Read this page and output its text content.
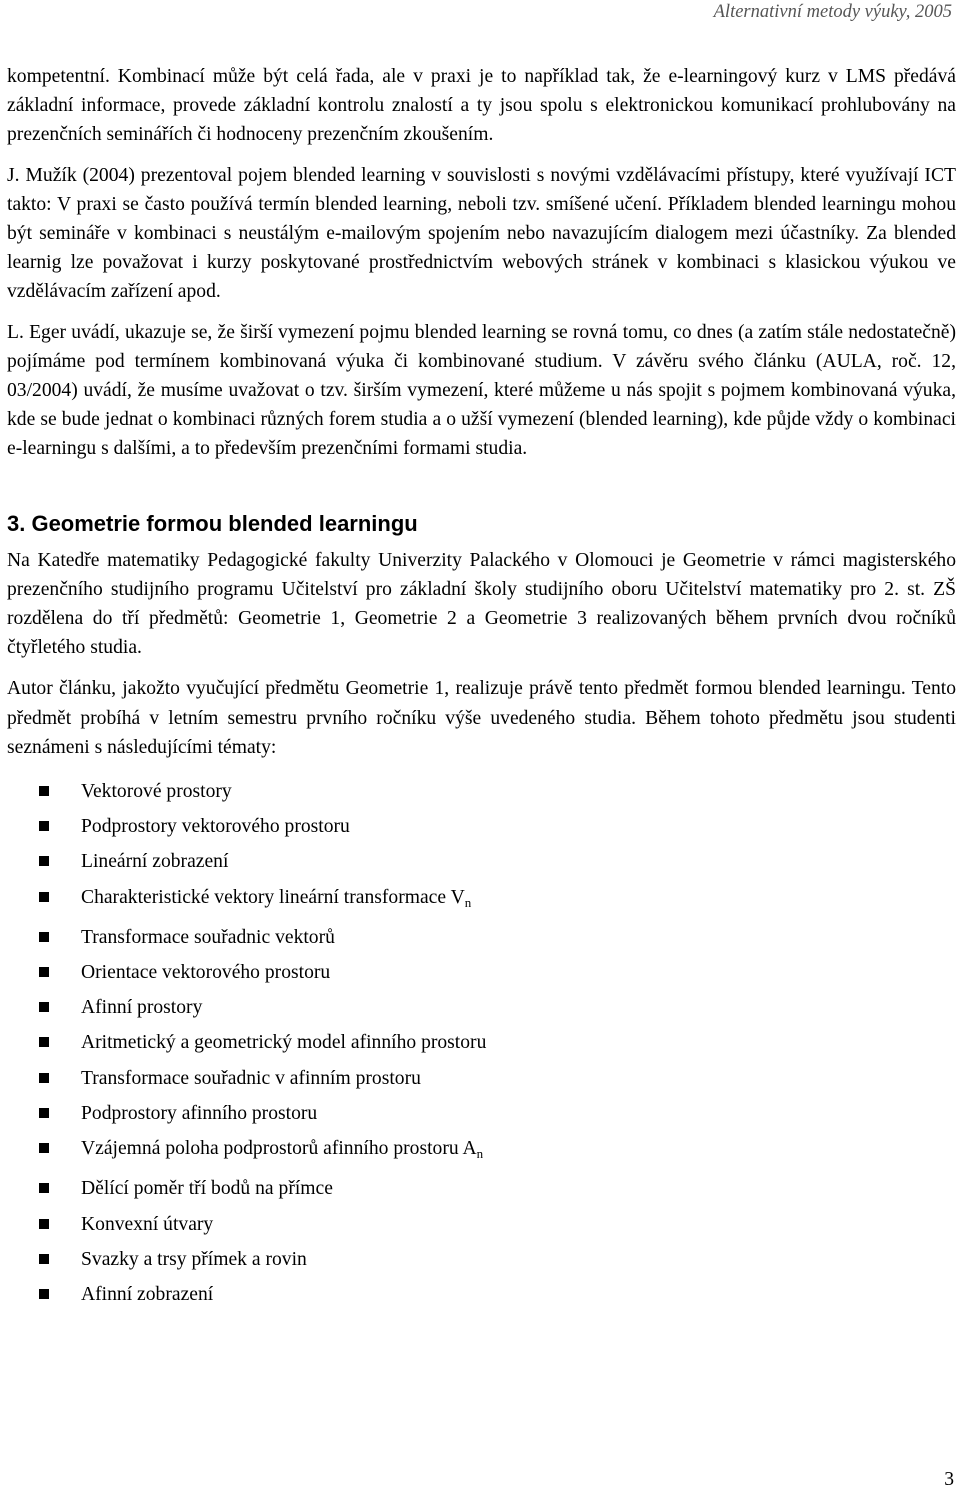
Alternativní metody výuky, 2005

kompetentní. Kombinací může být celá řada, ale v praxi je to například tak, že e-learningový kurz v LMS předává základní informace, provede základní kontrolu znalostí a ty jsou spolu s elektronickou komunikací prohlubovány na prezenčních seminářích či hodnoceny prezenčním zkoušením.

J. Mužík (2004) prezentoval pojem blended learning v souvislosti s novými vzdělávacími přístupy, které využívají ICT takto: V praxi se často používá termín blended learning, neboli tzv. smíšené učení. Příkladem blended learningu mohou být semináře v kombinaci s neustálým e-mailovým spojením nebo navazujícím dialogem mezi účastníky. Za blended learnig lze považovat i kurzy poskytované prostřednictvím webových stránek v kombinaci s klasickou výukou ve vzdělávacím zařízení apod.

L. Eger uvádí, ukazuje se, že širší vymezení pojmu blended learning se rovná tomu, co dnes (a zatím stále nedostatečně) pojímáme pod termínem kombinovaná výuka či kombinované studium. V závěru svého článku (AULA, roč. 12, 03/2004) uvádí, že musíme uvažovat o tzv. širším vymezení, které můžeme u nás spojit s pojmem kombinovaná výuka, kde se bude jednat o kombinaci různých forem studia a o užší vymezení (blended learning), kde půjde vždy o kombinaci e-learningu s dalšími, a to především prezenčními formami studia.

3. Geometrie formou blended learningu

Na Katedře matematiky Pedagogické fakulty Univerzity Palackého v Olomouci je Geometrie v rámci magisterského prezenčního studijního programu Učitelství pro základní školy studijního oboru Učitelství matematiky pro 2. st. ZŠ rozdělena do tří předmětů: Geometrie 1, Geometrie 2 a Geometrie 3 realizovaných během prvních dvou ročníků čtyřletého studia.

Autor článku, jakožto vyučující předmětu Geometrie 1, realizuje právě tento předmět formou blended learningu. Tento předmět probíhá v letním semestru prvního ročníku výše uvedeného studia. Během tohoto předmětu jsou studenti seznámeni s následujícími tématy:

Vektorové prostory
Podprostory vektorového prostoru
Lineární zobrazení
Charakteristické vektory lineární transformace $V_n$
Transformace souřadnic vektorů
Orientace vektorového prostoru
Afinní prostory
Aritmetický a geometrický model afinního prostoru
Transformace souřadnic v afinním prostoru
Podprostory afinního prostoru
Vzájemná poloha podprostorů afinního prostoru $A_n$
Dělící poměr tří bodů na přímce
Konvexní útvary
Svazky a trsy přímek a rovin
Afinní zobrazení
3
